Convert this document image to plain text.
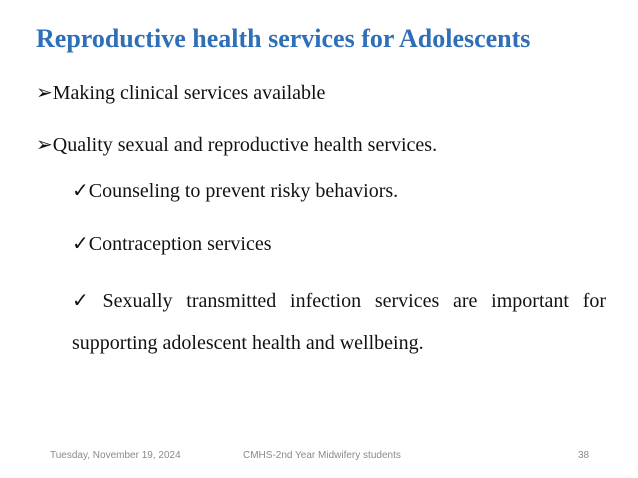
Reproductive health services for Adolescents
➢Making clinical services available
➢Quality sexual and reproductive health services.
✓Counseling to prevent risky behaviors.
✓Contraception services
✓ Sexually transmitted infection services are important for supporting adolescent health and wellbeing.
Tuesday, November 19, 2024	CMHS-2nd Year Midwifery students	38
